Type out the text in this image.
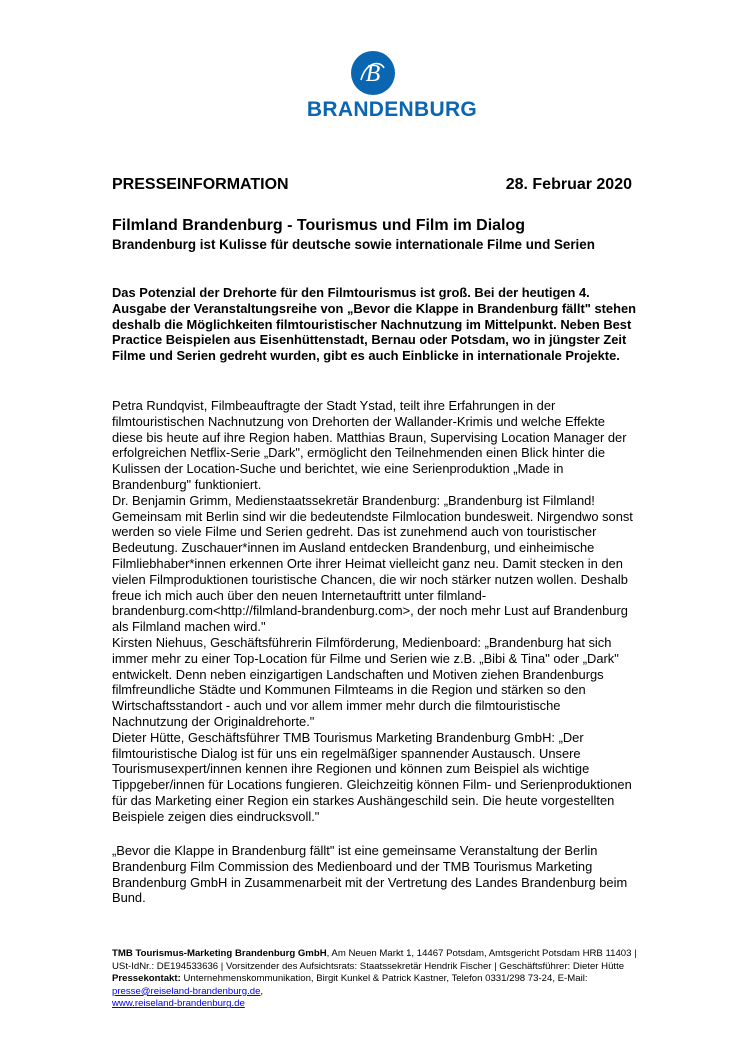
B
BRANDENBURG
PRESSEINFORMATION	28. Februar 2020
Filmland Brandenburg - Tourismus und Film im Dialog
Brandenburg ist Kulisse für deutsche sowie internationale Filme und Serien
Das Potenzial der Drehorte für den Filmtourismus ist groß. Bei der heutigen 4. Ausgabe der Veranstaltungsreihe von „Bevor die Klappe in Brandenburg fällt" stehen deshalb die Möglichkeiten filmtouristischer Nachnutzung im Mittelpunkt. Neben Best Practice Beispielen aus Eisenhüttenstadt, Bernau oder Potsdam, wo in jüngster Zeit Filme und Serien gedreht wurden, gibt es auch Einblicke in internationale Projekte.

Petra Rundqvist, Filmbeauftragte der Stadt Ystad, teilt ihre Erfahrungen in der filmtouristischen Nachnutzung von Drehorten der Wallander-Krimis und welche Effekte diese bis heute auf ihre Region haben. Matthias Braun, Supervising Location Manager der erfolgreichen Netflix-Serie „Dark", ermöglicht den Teilnehmenden einen Blick hinter die Kulissen der Location-Suche und berichtet, wie eine Serienproduktion „Made in Brandenburg" funktioniert.

Dr. Benjamin Grimm, Medienstaatssekretär Brandenburg: „Brandenburg ist Filmland! Gemeinsam mit Berlin sind wir die bedeutendste Filmlocation bundesweit. Nirgendwo sonst werden so viele Filme und Serien gedreht. Das ist zunehmend auch von touristischer Bedeutung. Zuschauer*innen im Ausland entdecken Brandenburg, und einheimische Filmliebhaber*innen erkennen Orte ihrer Heimat vielleicht ganz neu. Damit stecken in den vielen Filmproduktionen touristische Chancen, die wir noch stärker nutzen wollen. Deshalb freue ich mich auch über den neuen Internetauftritt unter filmland-brandenburg.com<http://filmland-brandenburg.com>, der noch mehr Lust auf Brandenburg als Filmland machen wird."

Kirsten Niehuus, Geschäftsführerin Filmförderung, Medienboard: „Brandenburg hat sich immer mehr zu einer Top-Location für Filme und Serien wie z.B. „Bibi & Tina" oder „Dark" entwickelt. Denn neben einzigartigen Landschaften und Motiven ziehen Brandenburgs filmfreundliche Städte und Kommunen Filmteams in die Region und stärken so den Wirtschaftsstandort - auch und vor allem immer mehr durch die filmtouristische Nachnutzung der Originaldrehorte."

Dieter Hütte, Geschäftsführer TMB Tourismus Marketing Brandenburg GmbH: „Der filmtouristische Dialog ist für uns ein regelmäßiger spannender Austausch. Unsere Tourismusexpert/innen kennen ihre Regionen und können zum Beispiel als wichtige Tippgeber/innen für Locations fungieren. Gleichzeitig können Film- und Serienproduktionen für das Marketing einer Region ein starkes Aushängeschild sein. Die heute vorgestellten Beispiele zeigen dies eindrucksvoll."

„Bevor die Klappe in Brandenburg fällt" ist eine gemeinsame Veranstaltung der Berlin Brandenburg Film Commission des Medienboard und der TMB Tourismus Marketing Brandenburg GmbH in Zusammenarbeit mit der Vertretung des Landes Brandenburg beim Bund.
TMB Tourismus-Marketing Brandenburg GmbH, Am Neuen Markt 1, 14467 Potsdam, Amtsgericht Potsdam HRB 11403 | USt-IdNr.: DE194533636 | Vorsitzender des Aufsichtsrats: Staatssekretär Hendrik Fischer | Geschäftsführer: Dieter Hütte Pressekontakt: Unternehmenskommunikation, Birgit Kunkel & Patrick Kastner, Telefon 0331/298 73-24, E-Mail: presse@reiseland-brandenburg.de,
www.reiseland-brandenburg.de
